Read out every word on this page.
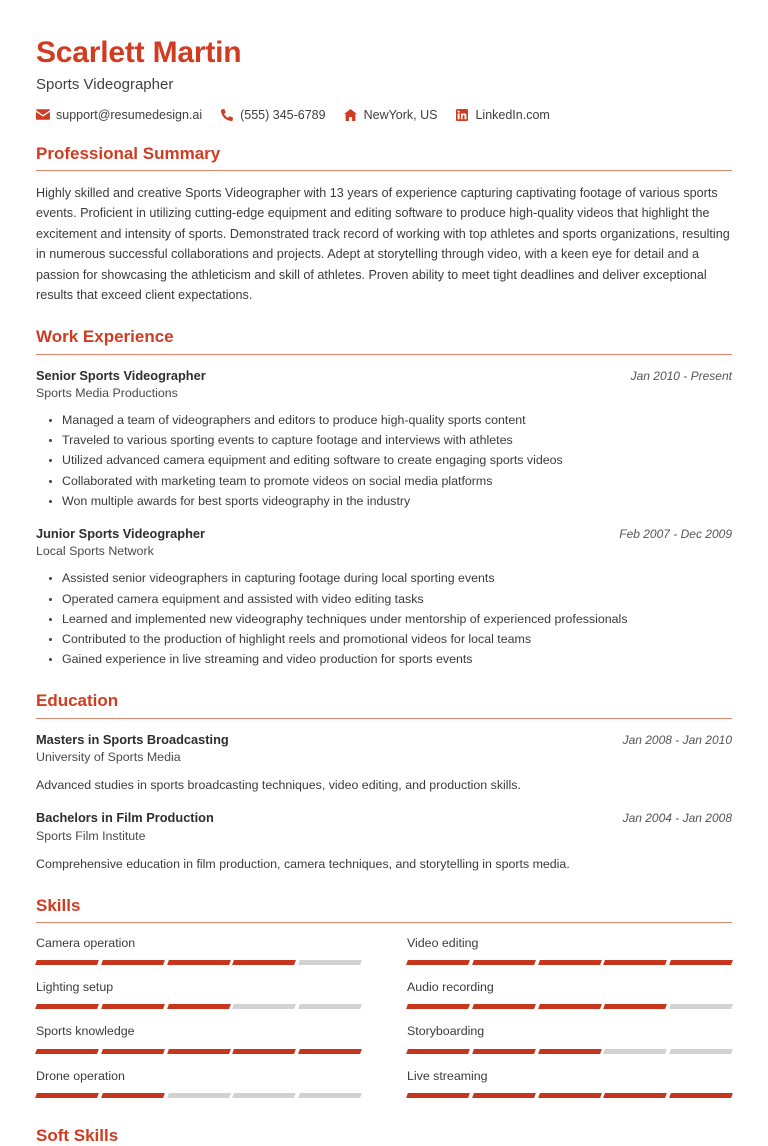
Scarlett Martin
Sports Videographer
support@resumedesign.ai	(555) 345-6789	NewYork, US	LinkedIn.com
Professional Summary

Highly skilled and creative Sports Videographer with 13 years of experience capturing captivating footage of various sports events. Proficient in utilizing cutting-edge equipment and editing software to produce high-quality videos that highlight the excitement and intensity of sports. Demonstrated track record of working with top athletes and sports organizations, resulting in numerous successful collaborations and projects. Adept at storytelling through video, with a keen eye for detail and a passion for showcasing the athleticism and skill of athletes. Proven ability to meet tight deadlines and deliver exceptional results that exceed client expectations.

Work Experience
Senior Sports Videographer	Jan 2010 - Present
Sports Media Productions
Managed a team of videographers and editors to produce high-quality sports content
Traveled to various sporting events to capture footage and interviews with athletes
Utilized advanced camera equipment and editing software to create engaging sports videos
Collaborated with marketing team to promote videos on social media platforms
Won multiple awards for best sports videography in the industry
Junior Sports Videographer	Feb 2007 - Dec 2009
Local Sports Network
Assisted senior videographers in capturing footage during local sporting events
Operated camera equipment and assisted with video editing tasks
Learned and implemented new videography techniques under mentorship of experienced professionals
Contributed to the production of highlight reels and promotional videos for local teams
Gained experience in live streaming and video production for sports events
Education
Masters in Sports Broadcasting	Jan 2008 - Jan 2010
University of Sports Media
Advanced studies in sports broadcasting techniques, video editing, and production skills.
Bachelors in Film Production	Jan 2004 - Jan 2008
Sports Film Institute
Comprehensive education in film production, camera techniques, and storytelling in sports media.
Skills
Camera operation	Video editing
Lighting setup	Audio recording
Sports knowledge	Storyboarding
Drone operation	Live streaming
Soft Skills
